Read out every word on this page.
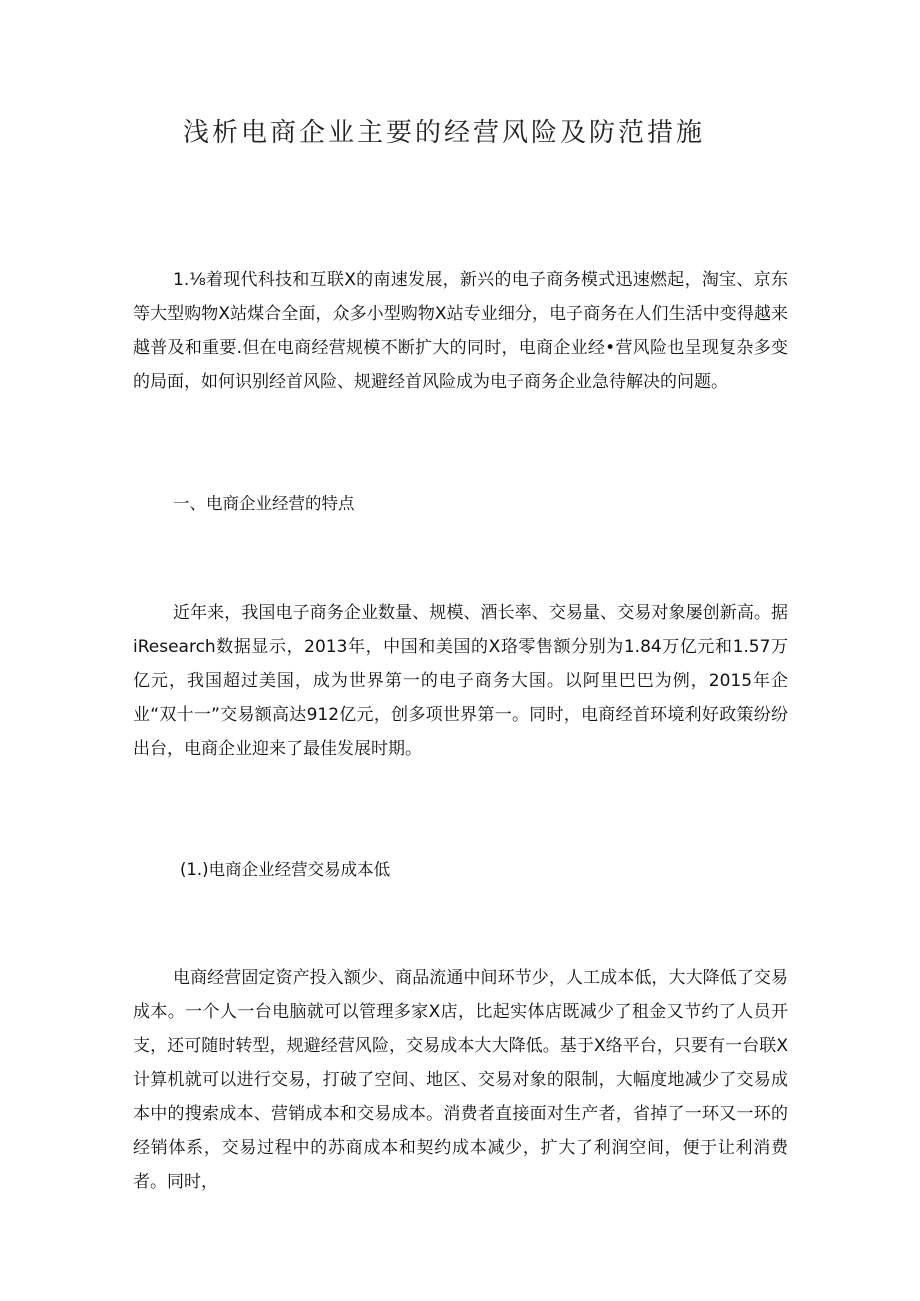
浅析电商企业主要的经营风险及防范措施

1.⅛着现代科技和互联X的南速发展，新兴的电子商务模式迅速燃起，淘宝、京东等大型购物X站煤合全面，众多小型购物X站专业细分，电子商务在人们生活中变得越来越普及和重要.但在电商经营规模不断扩大的同时，电商企业经•营风险也呈现复杂多变的局面，如何识别经首风险、规避经首风险成为电子商务企业急待解决的问题。

一、电商企业经营的特点

近年来，我国电子商务企业数量、规模、酒长率、交易量、交易对象屡创新高。据iResearch数据显示，2013年，中国和美国的X珞零售额分别为1.84万亿元和1.57万亿元，我国超过美国，成为世界第一的电子商务大国。以阿里巴巴为例，2015年企业“双十一”交易额高达912亿元，创多项世界第一。同时，电商经首环境利好政策纷纷出台，电商企业迎来了最佳发展时期。

(1.)电商企业经营交易成本低

电商经营固定资产投入额少、商品流通中间环节少，人工成本低，大大降低了交易成本。一个人一台电脑就可以管理多家X店，比起实体店既减少了租金又节约了人员开支，还可随时转型，规避经营风险，交易成本大大降低。基于X络平台，只要有一台联X计算机就可以进行交易，打破了空间、地区、交易对象的限制，大幅度地减少了交易成本中的搜索成本、营销成本和交易成本。消费者直接面对生产者，省掉了一环又一环的经销体系，交易过程中的苏商成本和契约成本减少，扩大了利润空间，便于让利消费者。同时，
